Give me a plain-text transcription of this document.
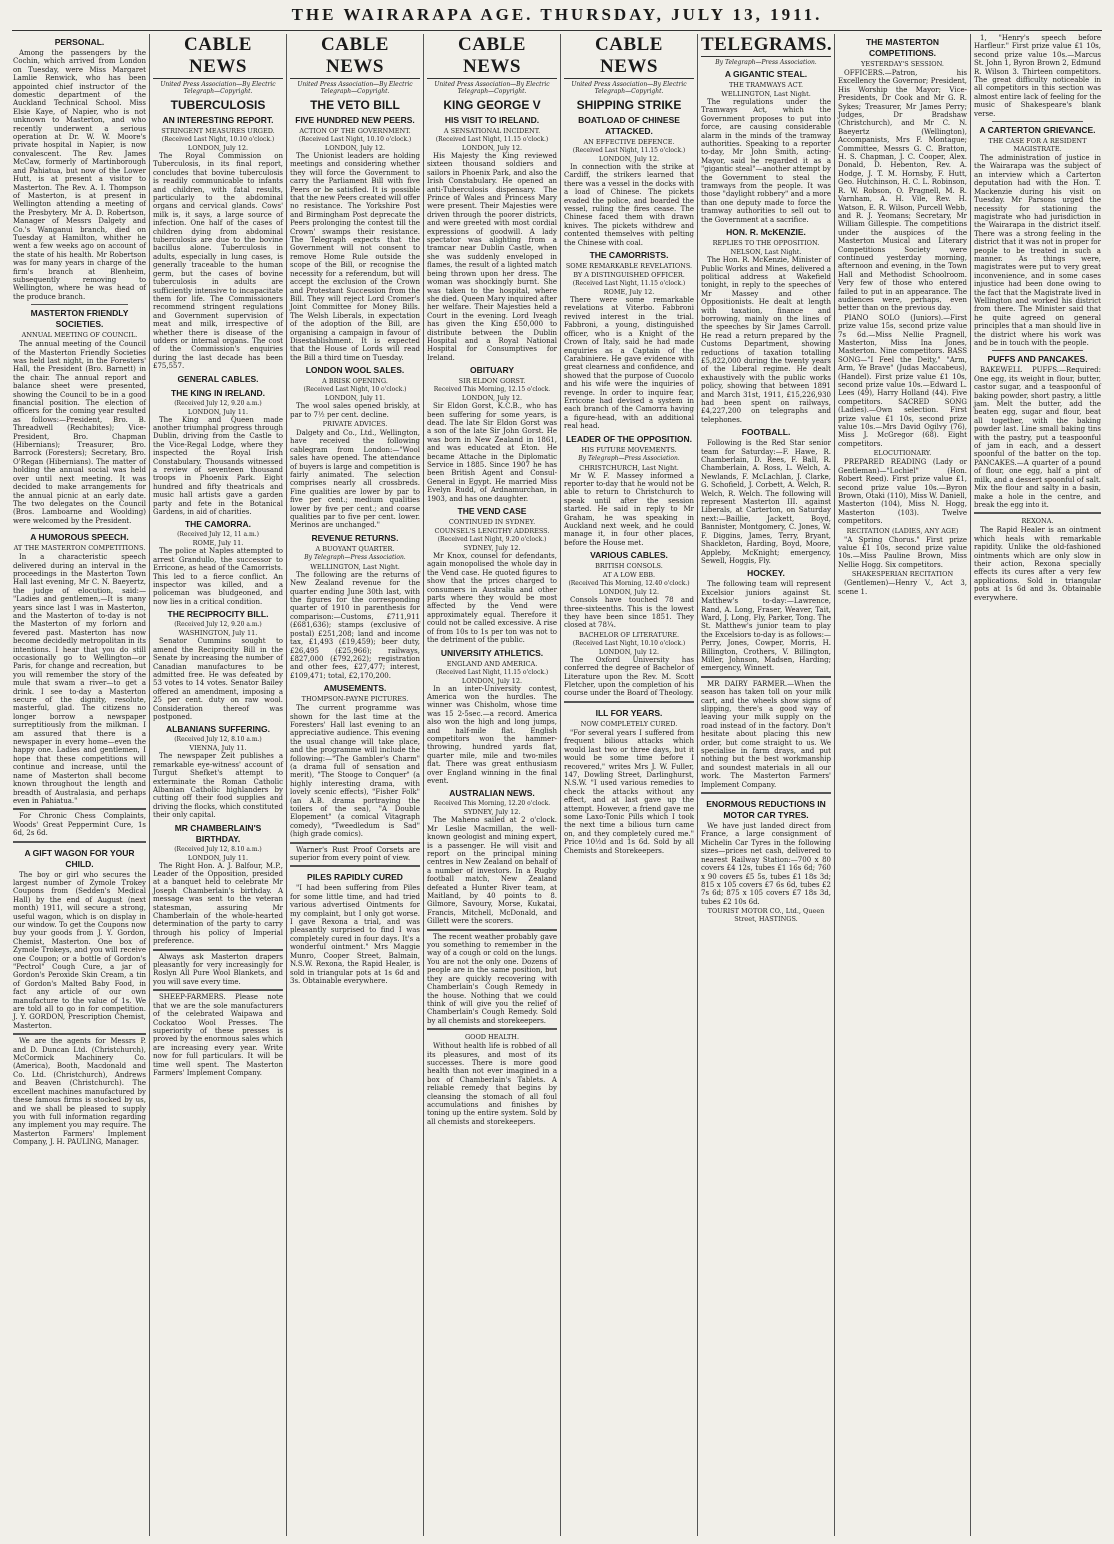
THE WAIRARAPA AGE. THURSDAY, JULY 13, 1911.
PERSONAL.

Among the passengers by the Cochin, which arrived from London on Tuesday, were Miss Margaret Lamlie Renwick, who has been appointed chief instructor of the domestic department of the Auckland Technical School. Miss Elsie Kaye, of Napier, who is not unknown to Masterton, and who recently underwent a serious operation at Dr. W. W. Moore's private hospital in Napier, is now convalescent. The Rev. James McCaw, formerly of Martinborough and Pahiatua, but now of the Lower Hutt, is at present a visitor to Masterton. The Rev. A. I. Thompson of Masterton, is at present in Wellington attending a meeting of the Presbytery. Mr A. D. Robertson, Manager of Messrs Dalgety and Co.'s Wanganui branch, died on Tuesday at Hamilton, whither he went a few weeks ago on account of the state of his health. Mr Robertson was for many years in charge of the firm's branch at Blenheim, subsequently removing to Wellington, where he was head of the produce branch.

MASTERTON FRIENDLY SOCIETIES.
ANNUAL MEETING OF COUNCIL.

The annual meeting of the Council of the Masterton Friendly Societies was held last night, in the Foresters' Hall, the President (Bro. Barnett) in the chair. The annual report and balance sheet were presented, showing the Council to be in a good financial position. The election of officers for the coming year resulted as follows:—President, Bro. B. Threadwell (Rechabites); Vice-President, Bro. Chapman (Hibernians); Treasurer, Bro. Barrock (Foresters); Secretary, Bro. O'Regan (Hibernians). The matter of holding the annual social was held over until next meeting. It was decided to make arrangements for the annual picnic at an early date. The two delegates on the Council (Bros. Lamboarne and Woolding) were welcomed by the President.

A HUMOROUS SPEECH.
AT THE MASTERTON COMPETITIONS.

In a characteristic speech delivered during an interval in the proceedings in the Masterton Town Hall last evening, Mr C. N. Baeyertz, the judge of elocution, said:— "Ladies and gentlemen,—It is many years since last I was in Masterton, and the Masterton of to-day is not the Masterton of my forlorn and fevered past. Masterton has now become decidedly metropolitan in its intentions. I hear that you do still occasionally go to Wellington—or Paris, for change and recreation, but you will remember the story of the mule that swam a river—to get a drink. I see to-day a Masterton secure of the dignity, resolute, masterful, glad. The citizens no longer borrow a newspaper surreptitiously from the milkman. I am assured that there is a newspaper in every home—even the happy one. Ladies and gentlemen, I hope that these competitions will continue and increase, until the name of Masterton shall become known throughout the length and breadth of Australasia, and perhaps even in Pahiatua."

For Chronic Chess Complaints, Woods' Great Peppermint Cure, 1s 6d, 2s 6d.

A GIFT WAGON FOR YOUR CHILD.

The boy or girl who secures the largest number of Zymole Trokey Coupons from (Sedden's Medical Hall) by the end of August (next month) 1911, will secure a strong, useful wagon, which is on display in our window. To get the Coupons now buy your goods from J. Y. Gordon, Chemist, Masterton. One box of Zymole Trokeys, and you will receive one Coupon; or a bottle of Gordon's "Pectrol" Cough Cure, a jar of Gordon's Peroxide Skin Cream, a tin of Gordon's Malted Baby Food, in fact any article of our own manufacture to the value of 1s. We are told all to go in for competition. J. Y. GORDON, Prescription Chemist, Masterton.

We are the agents for Messrs P. and D. Duncan Ltd. (Christchurch), McCormick Machinery Co. (America), Booth, Macdonald and Co. Ltd. (Christchurch), Andrews and Beaven (Christchurch). The excellent machines manufactured by these famous firms is stocked by us, and we shall be pleased to supply you with full information regarding any implement you may require. The Masterton Farmers' Implement Company, J. H. PAULING, Manager.

CABLE NEWS
United Press Association—By Electric Telegraph—Copyright.
TUBERCULOSIS
AN INTERESTING REPORT.
STRINGENT MEASURES URGED.
(Received Last Night, 10.10 o'clock.)
LONDON, July 12.

The Royal Commission on Tuberculosis, in its final report, concludes that bovine tuberculosis is readily communicable to infants and children, with fatal results, particularly to the abdominal organs and cervical glands. Cows' milk is, it says, a large source of infection. One half of the cases of children dying from abdominal tuberculosis are due to the bovine bacillus alone. Tuberculosis in adults, especially in lung cases, is generally traceable to the human germ, but the cases of bovine tuberculosis in adults are sufficiently intensive to incapacitate them for life. The Commissioners recommend stringent regulations and Government supervision of meat and milk, irrespective of whether there is disease of the udders or internal organs. The cost of the Commission's enquiries during the last decade has been £75,557.

GENERAL CABLES.
THE KING IN IRELAND.
(Received July 12, 9.20 a.m.)
LONDON, July 11.

The King and Queen made another triumphal progress through Dublin, driving from the Castle to the Vice-Regal Lodge, where they inspected the Royal Irish Constabulary. Thousands witnessed a review of seventeen thousand troops in Phoenix Park. Eight hundred and fifty theatricals and music hall artists gave a garden party and fete in the Botanical Gardens, in aid of charities.

THE CAMORRA.
(Received July 12, 11 a.m.)
ROME, July 11.

The police at Naples attempted to arrest Grandullo, the successor to Erricone, as head of the Camorrists. This led to a fierce conflict. An inspector was killed, and a policeman was bludgeoned, and now lies in a critical condition.

THE RECIPROCITY BILL.
(Received July 12, 9.20 a.m.)
WASHINGTON, July 11.

Senator Cummins sought to amend the Reciprocity Bill in the Senate by increasing the number of Canadian manufactures to be admitted free. He was defeated by 53 votes to 14 votes. Senator Bailey offered an amendment, imposing a 25 per cent. duty on raw wool. Consideration thereof was postponed.

ALBANIANS SUFFERING.
(Received July 12, 8.10 a.m.)
VIENNA, July 11.

The newspaper Zeit publishes a remarkable eye-witness' account of Turgut Shefket's attempt to exterminate the Roman Catholic Albanian Catholic highlanders by cutting off their food supplies and driving the flocks, which constituted their only capital.

MR CHAMBERLAIN'S BIRTHDAY.
(Received July 12, 8.10 a.m.)
LONDON, July 11.

The Right Hon. A. J. Balfour, M.P., Leader of the Opposition, presided at a banquet held to celebrate Mr Joseph Chamberlain's birthday. A message was sent to the veteran statesman, assuring Mr Chamberlain of the whole-hearted determination of the party to carry through his policy of Imperial preference.

Always ask Masterton drapers pleasantly for very increasingly for Roslyn All Pure Wool Blankets, and you will save every time.

SHEEP-FARMERS. Please note that we are the sole manufacturers of the celebrated Waipawa and Cockatoo Wool Presses. The superiority of these presses is proved by the enormous sales which are increasing every year. Write now for full particulars. It will be time well spent. The Masterton Farmers' Implement Company.

CABLE NEWS
United Press Association—By Electric Telegraph—Copyright.
THE VETO BILL
FIVE HUNDRED NEW PEERS.
ACTION OF THE GOVERNMENT.
(Received Last Night, 10.10 o'clock.)
LONDON, July 12.

The Unionist leaders are holding meetings and considering whether they will force the Government to carry the Parliament Bill with five Peers or be satisfied. It is possible that the new Peers created will offer no resistance. The Yorkshire Post and Birmingham Post deprecate the Peers prolonging the contest till the Crown' swamps their resistance. The Telegraph expects that the Government will not consent to remove Home Rule outside the scope of the Bill, or recognise the necessity for a referendum, but will accept the exclusion of the Crown and Protestant Succession from the Bill. They will reject Lord Cromer's Joint Committee for Money Bills. The Welsh Liberals, in expectation of the adoption of the Bill, are organising a campaign in favour of Disestablishment. It is expected that the House of Lords will read the Bill a third time on Tuesday.

LONDON WOOL SALES.
A BRISK OPENING.
(Received Last Night, 10 o'clock.)
LONDON, July 11.

The wool sales opened briskly, at par to 7½ per cent. decline.

PRIVATE ADVICES.

Dalgety and Co., Ltd., Wellington, have received the following cablegram from London:—"Wool sales have opened. The attendance of buyers is large and competition is fairly animated. The selection comprises nearly all crossbreds. Fine qualities are lower by par to five per cent.; medium qualities lower by five per cent.; and coarse qualities par to five per cent. lower. Merinos are unchanged."

REVENUE RETURNS.
A BUOYANT QUARTER.
By Telegraph—Press Association.
WELLINGTON, Last Night.

The following are the returns of New Zealand revenue for the quarter ending June 30th last, with the figures for the corresponding quarter of 1910 in parenthesis for comparison:—Customs, £711,911 (£681,636); stamps (exclusive of postal) £251,208; land and income tax, £1,493 (£19,459); beer duty, £26,495 (£25,966); railways, £827,000 (£792,262); registration and other fees, £27,477; interest, £109,471; total, £2,170,200.

AMUSEMENTS.
THOMPSON-PAYNE PICTURES.

The current programme was shown for the last time at the Foresters' Hall last evening to an appreciative audience. This evening the usual change will take place, and the programme will include the following:—"The Gambler's Charm" (a drama full of sensation and merit), "The Stooge to Conquer" (a highly interesting drama, with lovely scenic effects), "Fisher Folk" (an A.B. drama portraying the toilers of the sea), "A Double Elopement" (a comical Vitagraph comedy), "Tweedledum is Sad" (high grade comics).

Warner's Rust Proof Corsets are superior from every point of view.

PILES RAPIDLY CURED

"I had been suffering from Piles for some little time, and had tried various advertised Ointments for my complaint, but I only got worse. I gave Rexona a trial, and was pleasantly surprised to find I was completely cured in four days. It's a wonderful ointment." Mrs Maggie Munro, Cooper Street, Balmain, N.S.W. Rexona, the Rapid Healer, is sold in triangular pots at 1s 6d and 3s. Obtainable everywhere.

CABLE NEWS
United Press Association—By Electric Telegraph—Copyright.
KING GEORGE V
HIS VISIT TO IRELAND.
A SENSATIONAL INCIDENT.
(Received Last Night, 11.15 o'clock.)
LONDON, July 12.

His Majesty the King reviewed sixteen thousand soldiers and sailors in Phoenix Park, and also the Irish Constabulary. He opened an anti-Tuberculosis dispensary. The Prince of Wales and Princess Mary were present. Their Majesties were driven through the poorer districts, and were greeted with most cordial expressions of goodwill. A lady spectator was alighting from a tramcar near Dublin Castle, when she was suddenly enveloped in flames, the result of a lighted match being thrown upon her dress. The woman was shockingly burnt. She was taken to the hospital, where she died. Queen Mary inquired after her welfare. Their Majesties held a Court in the evening. Lord Iveagh has given the King £50,000 to distribute between the Dublin Hospital and a Royal National Hospital for Consumptives for Ireland.

OBITUARY
SIR ELDON GORST.
Received This Morning, 12.15 o'clock.
LONDON, July 12.

Sir Eldon Gorst, K.C.B., who has been suffering for some years, is dead. The late Sir Eldon Gorst was a son of the late Sir John Gorst. He was born in New Zealand in 1861, and was educated at Eton. He became Attache in the Diplomatic Service in 1885. Since 1907 he has been British Agent and Consul-General in Egypt. He married Miss Evelyn Rudd, of Ardnamurchan, in 1903, and has one daughter.

THE VEND CASE
CONTINUED IN SYDNEY.
COUNSEL'S LENGTHY ADDRESS.
(Received Last Night, 9.20 o'clock.)
SYDNEY, July 12.

Mr Knox, counsel for defendants, again monopolised the whole day in the Vend case. He quoted figures to show that the prices charged to consumers in Australia and other parts where they would be most affected by the Vend were approximately equal. Therefore it could not be called excessive. A rise of from 10s to 1s per ton was not to the detriment of the public.

UNIVERSITY ATHLETICS.
ENGLAND AND AMERICA.
(Received Last Night, 11.15 o'clock.)
LONDON, July 12.

In an inter-University contest, America won the hurdles. The winner was Chisholm, whose time was 15 2-5sec.—a record. America also won the high and long jumps, and half-mile flat. English competitors won the hammer-throwing, hundred yards flat, quarter mile, mile and two-miles flat. There was great enthusiasm over England winning in the final event.

AUSTRALIAN NEWS.
Received This Morning, 12.20 o'clock.
SYDNEY, July 12.

The Maheno sailed at 2 o'clock. Mr Leslie Macmillan, the well-known geologist and mining expert, is a passenger. He will visit and report on the principal mining centres in New Zealand on behalf of a number of investors. In a Rugby football match, New Zealand defeated a Hunter River team, at Maitland, by 40 points to 8. Gilmore, Savoury, Morse, Kukatai, Francis, Mitchell, McDonald, and Gillett were the scorers.

The recent weather probably gave you something to remember in the way of a cough or cold on the lungs. You are not the only one. Dozens of people are in the same position, but they are quickly recovering with Chamberlain's Cough Remedy in the house. Nothing that we could think of will give you the relief of Chamberlain's Cough Remedy. Sold by all chemists and storekeepers.

GOOD HEALTH.

Without health life is robbed of all its pleasures, and most of its successes. There is more good health than not ever imagined in a box of Chamberlain's Tablets. A reliable remedy that begins by cleansing the stomach of all foul accumulations and finishes by toning up the entire system. Sold by all chemists and storekeepers.

CABLE NEWS
United Press Association—By Electric Telegraph—Copyright.
SHIPPING STRIKE
BOATLOAD OF CHINESE ATTACKED.
AN EFFECTIVE DEFENCE.
(Received Last Night, 11.15 o'clock.)
LONDON, July 12.

In connection with the strike at Cardiff, the strikers learned that there was a vessel in the docks with a load of Chinese. The pickets evaded the police, and boarded the vessel, ruling the fires cease. The Chinese faced them with drawn knives. The pickets withdrew and contented themselves with pelting the Chinese with coal.

THE CAMORRISTS.
SOME REMARKABLE REVELATIONS.
BY A DISTINGUISHED OFFICER.
(Received Last Night, 11.15 o'clock.)
ROME, July 12.

There were some remarkable revelations at Viterbo. Fabbroni revived interest in the trial. Fabbroni, a young, distinguished officer, who is a Knight of the Crown of Italy, said he had made enquiries as a Captain of the Carabiniere. He gave evidence with great clearness and confidence, and showed that the purpose of Cuocolo and his wife were the inquiries of revenge. In order to inquire fear, Erricone had devised a system in each branch of the Camorra having a figure-head, with an additional real head.

LEADER OF THE OPPOSITION.
HIS FUTURE MOVEMENTS.
By Telegraph—Press Association.
CHRISTCHURCH, Last Night.

Mr W. F. Massey informed a reporter to-day that he would not be able to return to Christchurch to speak until after the session started. He said in reply to Mr Graham, he was speaking in Auckland next week, and he could manage it, in four other places, before the House met.

VARIOUS CABLES.
BRITISH CONSOLS.
AT A LOW EBB.
(Received This Morning, 12.40 o'clock.)
LONDON, July 12.

Consols have touched 78 and three-sixteenths. This is the lowest they have been since 1851. They closed at 78¼.

BACHELOR OF LITERATURE.
(Received Last Night, 10.10 o'clock.)
LONDON, July 12.

The Oxford University has conferred the degree of Bachelor of Literature upon the Rev. M. Scott Fletcher, upon the completion of his course under the Board of Theology.

ILL FOR YEARS.
NOW COMPLETELY CURED.

"For several years I suffered from frequent bilious attacks which would last two or three days, but it would be some time before I recovered," writes Mrs J. W. Fuller, 147, Dowling Street, Darlinghurst, N.S.W. "I used various remedies to check the attacks without any effect, and at last gave up the attempt. However, a friend gave me some Laxo-Tonic Pills which I took the next time a bilious turn came on, and they completely cured me." Price 10½d and 1s 6d. Sold by all Chemists and Storekeepers.

TELEGRAMS.
By Telegraph—Press Association.
A GIGANTIC STEAL.
THE TRAMWAYS ACT.
WELLINGTON, Last Night.

The regulations under the Tramways Act, which the Government proposes to put into force, are causing considerable alarm in the minds of the tramway authorities. Speaking to a reporter to-day, Mr John Smith, acting-Mayor, said he regarded it as a "gigantic steal"—another attempt by the Government to steal the tramways from the people. It was those "daylight robbery" and a more than one deputy made to force the tramway authorities to sell out to the Government at a sacrifice.

HON. R. McKENZIE.
REPLIES TO THE OPPOSITION.
NELSON, Last Night.

The Hon. R. McKenzie, Minister of Public Works and Mines, delivered a political address at Wakefield tonight, in reply to the speeches of Mr Massey and other Oppositionists. He dealt at length with taxation, finance and borrowing, mainly on the lines of the speeches by Sir James Carroll. He read a return prepared by the Customs Department, showing reductions of taxation totalling £5,822,000 during the twenty years of the Liberal regime. He dealt exhaustively with the public works policy, showing that between 1891 and March 31st, 1911, £15,226,930 had been spent on railways, £4,227,200 on telegraphs and telephones.

FOOTBALL.

Following is the Red Star senior team for Saturday:—F. Hawe, R. Chamberlain, D. Rees, F. Ball, R. Chamberlain, A. Ross, L. Welch, A. Newlands, F. McLachlan, J. Clarke, G. Schofield, J. Corbett, A. Welch, R. Welch, R. Welch. The following will represent Masterton III. against Liberals, at Carterton, on Saturday next:—Baillie, Jackett, Boyd, Bannister, Montgomery, C. Jones, W. F. Diggins, James, Terry, Bryant, Shackleton, Harding, Boyd, Moore, Appleby, McKnight; emergency, Sewell, Hoggis, Fly.

HOCKEY.

The following team will represent Excelsior juniors against St. Matthew's to-day:—Lawrence, Rand, A. Long, Fraser, Weaver, Tait, Ward, J. Long, Fly, Parker, Tong. The St. Matthew's junior team to play the Excelsiors to-day is as follows:—Perry, Jones, Cowper, Morris, H. Billington, Crothers, V. Billington, Miller, Johnson, Madsen, Harding; emergency, Winnett.

MR DAIRY FARMER.—When the season has taken toll on your milk cart, and the wheels show signs of slipping, there's a good way of leaving your milk supply on the road instead of in the factory. Don't hesitate about placing this new order, but come straight to us. We specialise in farm drays, and put nothing but the best workmanship and soundest materials in all our work. The Masterton Farmers' Implement Company.

ENORMOUS REDUCTIONS IN MOTOR CAR TYRES.

We have just landed direct from France, a large consignment of Michelin Car Tyres in the following sizes—prices net cash, delivered to nearest Railway Station:—700 x 80 covers £4 12s, tubes £1 16s 6d; 760 x 90 covers £5 5s, tubes £1 18s 3d; 815 x 105 covers £7 6s 6d, tubes £2 7s 6d; 875 x 105 covers £7 18s 3d, tubes £2 10s 6d.

TOURIST MOTOR CO., Ltd., Queen Street, HASTINGS.
THE MASTERTON COMPETITIONS.
YESTERDAY'S SESSION.

OFFICERS.—Patron, his Excellency the Governor; President, His Worship the Mayor; Vice-Presidents, Dr Cook and Mr G. R. Sykes; Treasurer, Mr James Perry; Judges, Dr Bradshaw (Christchurch), and Mr C. N. Baeyertz (Wellington), Accompanists, Mrs F. Montague; Committee, Messrs G. C. Bratton, H. S. Chapman, J. C. Cooper, Alex. Donald, D. Hebenton, Rev. A. Hodge, J. T. M. Hornsby, F. Hutt, Geo. Hutchinson, H. C. L. Robinson, R. W. Robson, O. Pragnell, M. R. Varnham, A. H. Vile, Rev. H. Watson, E. R. Wilson, Purcell Webb, and R. J. Yeomans; Secretary, Mr William Gillespie. The competitions under the auspices of the Masterton Musical and Literary Competitions Society were continued yesterday morning, afternoon and evening, in the Town Hall and Methodist Schoolroom. Very few of those who entered failed to put in an appearance. The audiences were, perhaps, even better than on the previous day.

PIANO SOLO (Juniors).—First prize value 15s, second prize value 7s 6d.—Miss Nellie Pragnell, Masterton, Miss Ina Jones, Masterton. Nine competitors. BASS SONG—"I Feel the Deity," "Arm, Arm, Ye Brave" (Judas Maccabeus), (Handel). First prize value £1 10s, second prize value 10s.—Edward L. Lees (49), Harry Holland (44). Five competitors. SACRED SONG (Ladies).—Own selection. First prize value £1 10s, second prize value 10s.—Mrs David Ogilvy (76), Miss J. McGregor (68). Eight competitors.

ELOCUTIONARY.

PREPARED READING (Lady or Gentleman)—"Lochiel" (Hon. Robert Reed). First prize value £1, second prize value 10s.—Byron Brown, Otaki (110), Miss W. Daniell, Masterton (104), Miss N. Hogg, Masterton (103). Twelve competitors.

RECITATION (LADIES, ANY AGE)

"A Spring Chorus." First prize value £1 10s, second prize value 10s.—Miss Pauline Brown, Miss Nellie Hogg. Six competitors.

SHAKESPERIAN RECITATION

(Gentlemen)—Henry V., Act 3, scene 1.

1, "Henry's speech before Harfleur." First prize value £1 10s, second prize value 10s.—Marcus St. John 1, Byron Brown 2, Edmund R. Wilson 3. Thirteen competitors. The great difficulty noticeable in all competitors in this section was almost entire lack of feeling for the music of Shakespeare's blank verse.

A CARTERTON GRIEVANCE.
THE CASE FOR A RESIDENT MAGISTRATE.

The administration of justice in the Wairarapa was the subject of an interview which a Carterton deputation had with the Hon. T. Mackenzie during his visit on Tuesday. Mr Parsons urged the necessity for stationing the magistrate who had jurisdiction in the Wairarapa in the district itself. There was a strong feeling in the district that it was not in proper for people to be treated in such a manner. As things were, magistrates were put to very great inconvenience, and in some cases injustice had been done owing to the fact that the Magistrate lived in Wellington and worked his district from there. The Minister said that he quite agreed on general principles that a man should live in the district where his work was and be in touch with the people.

PUFFS AND PANCAKES.

BAKEWELL PUFFS.—Required: One egg, its weight in flour, butter, castor sugar, and a teaspoonful of baking powder, short pastry, a little jam. Melt the butter, add the beaten egg, sugar and flour, beat all together, with the baking powder last. Line small baking tins with the pastry, put a teaspoonful of jam in each, and a dessert spoonful of the batter on the top. PANCAKES.—A quarter of a pound of flour, one egg, half a pint of milk, and a dessert spoonful of salt. Mix the flour and salty in a basin, make a hole in the centre, and break the egg into it.

REXONA.

The Rapid Healer is an ointment which heals with remarkable rapidity. Unlike the old-fashioned ointments which are only slow in their action, Rexona specially effects its cures after a very few applications. Sold in triangular pots at 1s 6d and 3s. Obtainable everywhere.
